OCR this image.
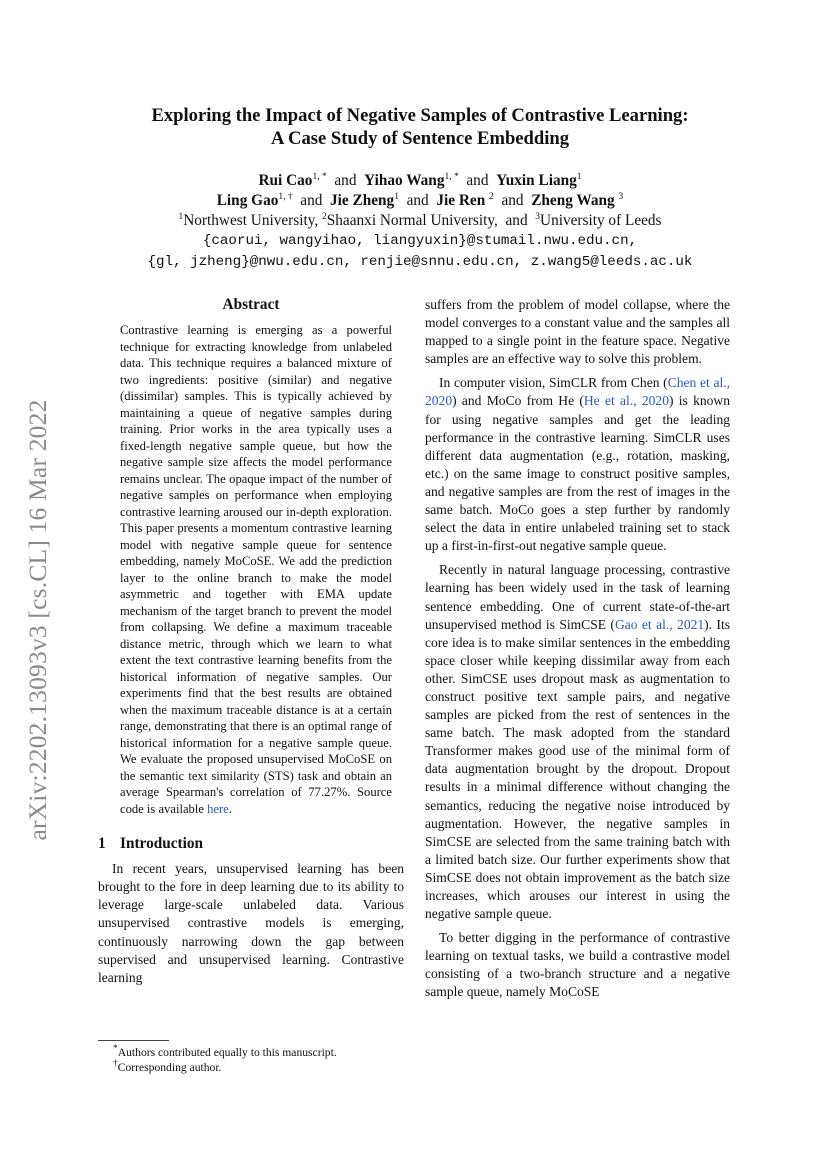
arXiv:2202.13093v3 [cs.CL] 16 Mar 2022
Exploring the Impact of Negative Samples of Contrastive Learning:
A Case Study of Sentence Embedding
Rui Cao$^{1, *}$ and Yihao Wang$^{1, *}$ and Yuxin Liang$^1$
Ling Gao$^{1, \dagger}$ and Jie Zheng$^1$ and Jie Ren $^2$ and Zheng Wang $^3$
$^1$Northwest University, $^2$Shaanxi Normal University, and $^3$University of Leeds
{caorui, wangyihao, liangyuxin}@stumail.nwu.edu.cn,
{gl, jzheng}@nwu.edu.cn, renjie@snnu.edu.cn, z.wang5@leeds.ac.uk
Abstract
Contrastive learning is emerging as a powerful technique for extracting knowledge from unlabeled data. This technique requires a balanced mixture of two ingredients: positive (similar) and negative (dissimilar) samples. This is typically achieved by maintaining a queue of negative samples during training. Prior works in the area typically uses a fixed-length negative sample queue, but how the negative sample size affects the model performance remains unclear. The opaque impact of the number of negative samples on performance when employing contrastive learning aroused our in-depth exploration. This paper presents a momentum contrastive learning model with negative sample queue for sentence embedding, namely MoCoSE. We add the prediction layer to the online branch to make the model asymmetric and together with EMA update mechanism of the target branch to prevent the model from collapsing. We define a maximum traceable distance metric, through which we learn to what extent the text contrastive learning benefits from the historical information of negative samples. Our experiments find that the best results are obtained when the maximum traceable distance is at a certain range, demonstrating that there is an optimal range of historical information for a negative sample queue. We evaluate the proposed unsupervised MoCoSE on the semantic text similarity (STS) task and obtain an average Spearman's correlation of 77.27%. Source code is available here.
1 Introduction

In recent years, unsupervised learning has been brought to the fore in deep learning due to its ability to leverage large-scale unlabeled data. Various unsupervised contrastive models is emerging, continuously narrowing down the gap between supervised and unsupervised learning. Contrastive learning

*Authors contributed equally to this manuscript.

†Corresponding author.

suffers from the problem of model collapse, where the model converges to a constant value and the samples all mapped to a single point in the feature space. Negative samples are an effective way to solve this problem.

In computer vision, SimCLR from Chen (Chen et al., 2020) and MoCo from He (He et al., 2020) is known for using negative samples and get the leading performance in the contrastive learning. SimCLR uses different data augmentation (e.g., rotation, masking, etc.) on the same image to construct positive samples, and negative samples are from the rest of images in the same batch. MoCo goes a step further by randomly select the data in entire unlabeled training set to stack up a first-in-first-out negative sample queue.

Recently in natural language processing, contrastive learning has been widely used in the task of learning sentence embedding. One of current state-of-the-art unsupervised method is SimCSE (Gao et al., 2021). Its core idea is to make similar sentences in the embedding space closer while keeping dissimilar away from each other. SimCSE uses dropout mask as augmentation to construct positive text sample pairs, and negative samples are picked from the rest of sentences in the same batch. The mask adopted from the standard Transformer makes good use of the minimal form of data augmentation brought by the dropout. Dropout results in a minimal difference without changing the semantics, reducing the negative noise introduced by augmentation. However, the negative samples in SimCSE are selected from the same training batch with a limited batch size. Our further experiments show that SimCSE does not obtain improvement as the batch size increases, which arouses our interest in using the negative sample queue.

To better digging in the performance of contrastive learning on textual tasks, we build a contrastive model consisting of a two-branch structure and a negative sample queue, namely MoCoSE
